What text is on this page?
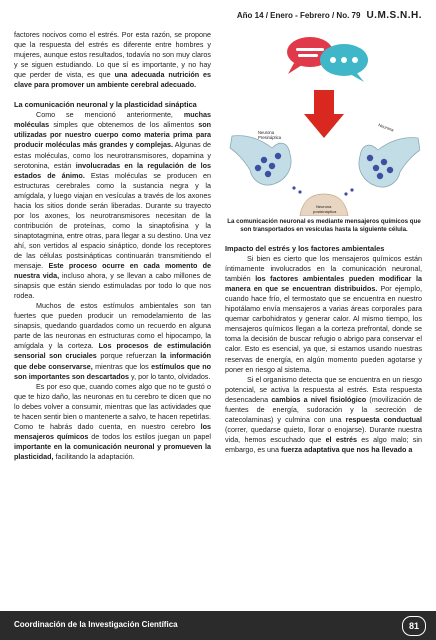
Año 14 / Enero - Febrero / No. 79 U.M.S.N.H.

factores nocivos como el estrés. Por esta razón, se propone que la respuesta del estrés es diferente entre hombres y mujeres, aunque estos resultados, todavía no son muy claros y se siguen estudiando. Lo que sí es importante, y no hay que perder de vista, es que una adecuada nutrición es clave para promover un ambiente cerebral adecuado.

La comunicación neuronal y la plasticidad sináptica

Como se mencionó anteriormente, muchas moléculas simples que obtenemos de los alimentos son utilizadas por nuestro cuerpo como materia prima para producir moléculas más grandes y complejas. Algunas de estas moléculas, como los neurotransmisores, dopamina y serotonina, están involucradas en la regulación de los estados de ánimo. Estas moléculas se producen en estructuras cerebrales como la sustancia negra y la amígdala, y luego viajan en vesículas a través de los axones hacia los sitios donde serán liberadas. Durante su trayecto por los axones, los neurotransmisores necesitan de la contribución de proteínas, como la sinaptofisina y la sinaptotagmina, entre otras, para llegar a su destino. Una vez ahí, son vertidos al espacio sináptico, donde los receptores de las células postsinápticas continuarán transmitiendo el mensaje. Este proceso ocurre en cada momento de nuestra vida, incluso ahora, y se llevan a cabo millones de sinapsis que están siendo estimuladas por todo lo que nos rodea.

Muchos de estos estímulos ambientales son tan fuertes que pueden producir un remodelamiento de las sinapsis, quedando guardados como un recuerdo en alguna parte de las neuronas en estructuras como el hipocampo, la amígdala y la corteza. Los procesos de estimulación sensorial son cruciales porque refuerzan la información que debe conservarse, mientras que los estímulos que no son importantes son descartados y, por lo tanto, olvidados.

Es por eso que, cuando comes algo que no te gustó o que te hizo daño, las neuronas en tu cerebro te dicen que no lo debes volver a consumir, mientras que las actividades que te hacen sentir bien o mantenerte a salvo, te hacen repetirlas. Como te habrás dado cuenta, en nuestro cerebro los mensajeros químicos de todos los estilos juegan un papel importante en la comunicación neuronal y promueven la plasticidad, facilitando la adaptación.

Neurona
Presináptica
Neurona
Neurona
postsináptica
La comunicación neuronal es mediante mensajeros químicos que son transportados en vesículas hasta la siguiente célula.
Impacto del estrés y los factores ambientales

Si bien es cierto que los mensajeros químicos están íntimamente involucrados en la comunicación neuronal, también los factores ambientales pueden modificar la manera en que se encuentran distribuidos. Por ejemplo, cuando hace frío, el termostato que se encuentra en nuestro hipotálamo envía mensajeros a varias áreas corporales para quemar carbohidratos y generar calor. Al mismo tiempo, los mensajeros químicos llegan a la corteza prefrontal, donde se toma la decisión de buscar refugio o abrigo para conservar el calor. Esto es esencial, ya que, si estamos usando nuestras reservas de energía, en algún momento pueden agotarse y poner en riesgo al sistema.

Si el organismo detecta que se encuentra en un riesgo potencial, se activa la respuesta al estrés. Esta respuesta desencadena cambios a nivel fisiológico (movilización de fuentes de energía, sudoración y la secreción de catecolaminas) y culmina con una respuesta conductual (correr, quedarse quieto, llorar o enojarse). Durante nuestra vida, hemos escuchado que el estrés es algo malo; sin embargo, es una fuerza adaptativa que nos ha llevado a

Coordinación de la Investigación Científica	81
